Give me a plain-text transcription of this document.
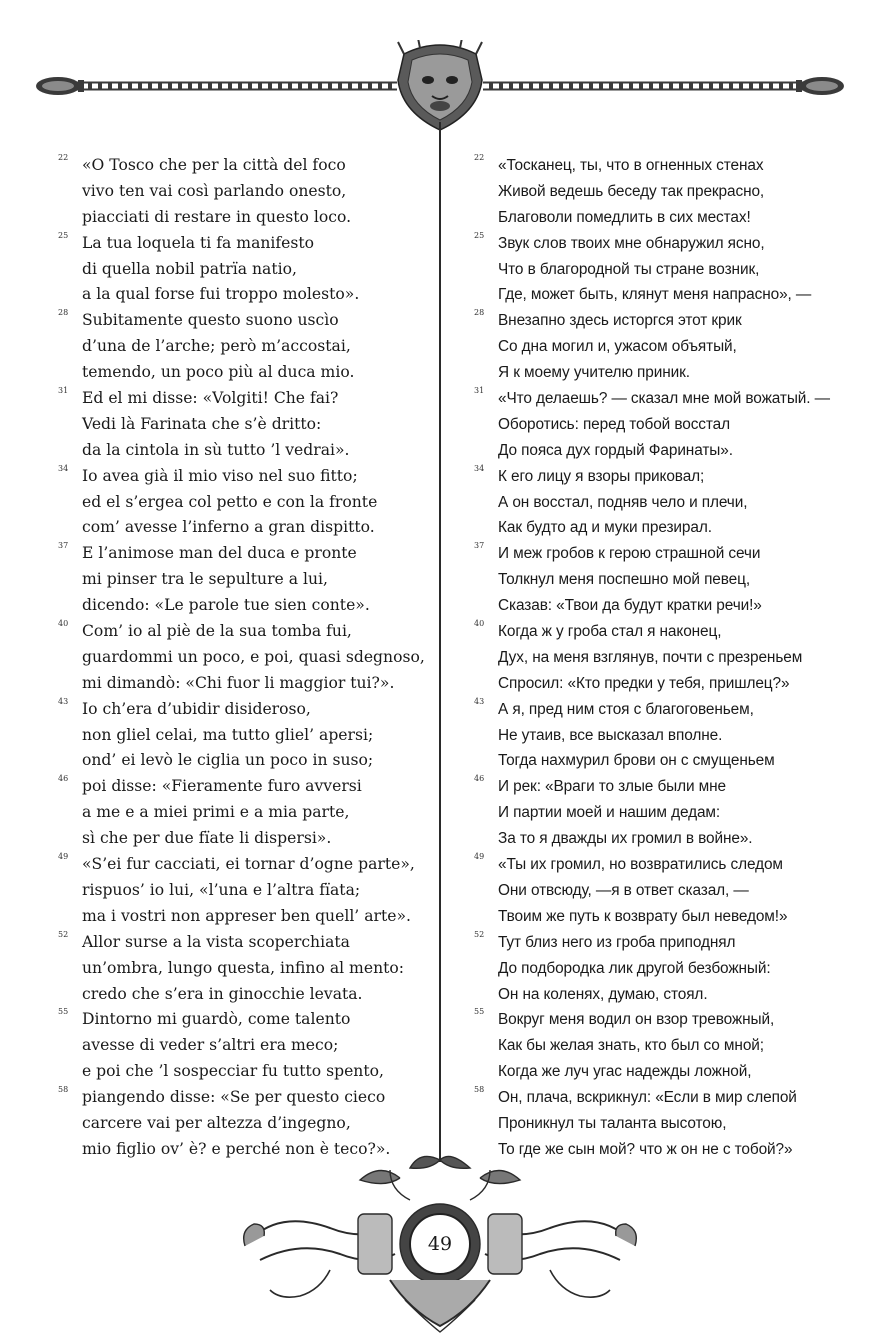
22 «O Tosco che per la città del foco
vivo ten vai così parlando onesto,
piacciati di restare in questo loco.
25 La tua loquela ti fa manifesto
di quella nobil patrïa natio,
a la qual forse fui troppo molesto».
28 Subitamente questo suono uscìo
d’una de l’arche; però m’accostai,
temendo, un poco più al duca mio.
31 Ed el mi disse: «Volgiti! Che fai?
Vedi là Farinata che s’è dritto:
da la cintola in sù tutto ’l vedrai».
34 Io avea già il mio viso nel suo fitto;
ed el s’ergea col petto e con la fronte
com’ avesse l’inferno a gran dispitto.
37 E l’animose man del duca e pronte
mi pinser tra le sepulture a lui,
dicendo: «Le parole tue sien conte».
40 Com’ io al piè de la sua tomba fui,
guardommi un poco, e poi, quasi sdegnoso,
mi dimandò: «Chi fuor li maggior tui?».
43 Io ch’era d’ubidir disideroso,
non gliel celai, ma tutto gliel’ apersi;
ond’ ei levò le ciglia un poco in suso;
46 poi disse: «Fieramente furo avversi
a me e a miei primi e a mia parte,
sì che per due fïate li dispersi».
49 «S’ei fur cacciati, ei tornar d’ogne parte»,
rispuos’ io lui, «l’una e l’altra fïata;
ma i vostri non appreser ben quell’ arte».
52 Allor surse a la vista scoperchiata
un’ombra, lungo questa, infino al mento:
credo che s’era in ginocchie levata.
55 Dintorno mi guardò, come talento
avesse di veder s’altri era meco;
e poi che ’l sospecciar fu tutto spento,
58 piangendo disse: «Se per questo cieco
carcere vai per altezza d’ingegno,
mio figlio ov’ è? e perché non è teco?».
22 «Тосканец, ты, что в огненных стенах
Живой ведешь беседу так прекрасно,
Благоволи помедлить в сих местах!
25 Звук слов твоих мне обнаружил ясно,
Что в благородной ты стране возник,
Где, может быть, клянут меня напрасно», —
28 Внезапно здесь исторгся этот крик
Со дна могил и, ужасом объятый,
Я к моему учителю приник.
31 «Что делаешь? — сказал мне мой вожатый. —
Оборотись: перед тобой восстал
До пояса дух гордый Фаринаты».
34 К его лицу я взоры приковал;
А он восстал, подняв чело и плечи,
Как будто ад и муки презирал.
37 И меж гробов к герою страшной сечи
Толкнул меня поспешно мой певец,
Сказав: «Твои да будут кратки речи!»
40 Когда ж у гроба стал я наконец,
Дух, на меня взглянув, почти с презреньем
Спросил: «Кто предки у тебя, пришлец?»
43 А я, пред ним стоя с благоговеньем,
Не утаив, все высказал вполне.
Тогда нахмурил брови он с смущеньем
46 И рек: «Враги то злые были мне
И партии моей и нашим дедам:
За то я дважды их громил в войне».
49 «Ты их громил, но возвратились следом
Они отвсюду, —я в ответ сказал, —
Твоим же путь к возврату был неведом!»
52 Тут близ него из гроба приподнял
До подбородка лик другой безбожный:
Он на коленях, думаю, стоял.
55 Вокруг меня водил он взор тревожный,
Как бы желая знать, кто был со мной;
Когда же луч угас надежды ложной,
58 Он, плача, вскрикнул: «Если в мир слепой
Проникнул ты таланта высотою,
То где же сын мой? что ж он не с тобой?»
49
